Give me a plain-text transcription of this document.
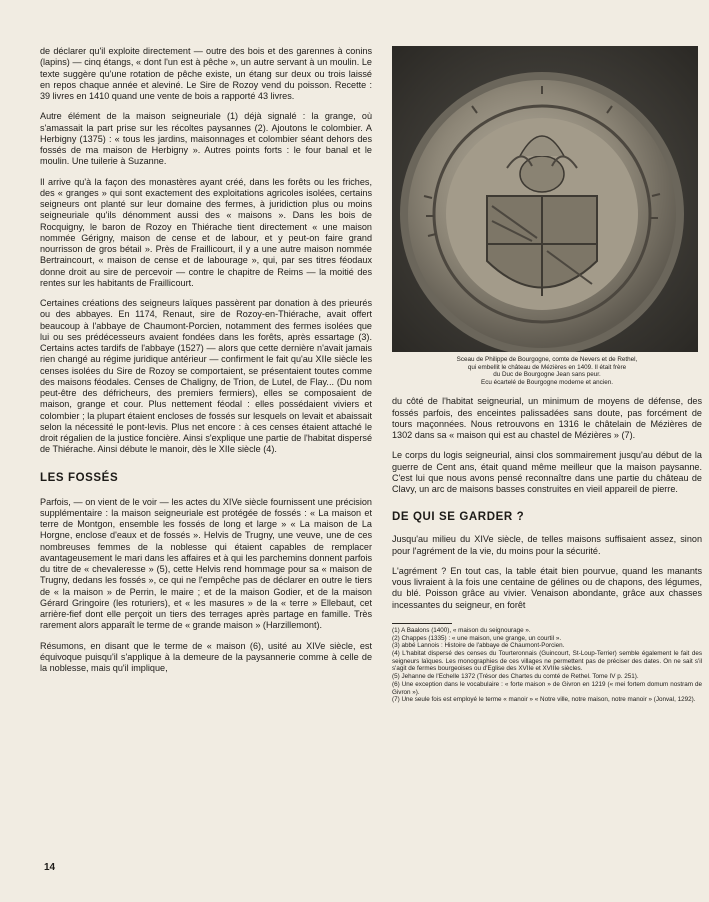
de déclarer qu'il exploite directement — outre des bois et des garennes à conins (lapins) — cinq étangs, « dont l'un est à pêche », un autre servant à un moulin. Le texte suggère qu'une rotation de pêche existe, un étang sur deux ou trois laissé en repos chaque année et aleviné. Le Sire de Rozoy vend du poisson. Recette : 39 livres en 1410 quand une vente de bois a rapporté 43 livres.

Autre élément de la maison seigneuriale (1) déjà signalé : la grange, où s'amassait la part prise sur les récoltes paysannes (2). Ajoutons le colombier. A Herbigny (1375) : « tous les jardins, maisonnages et colombier séant dehors des fossés de ma maison de Herbigny ». Autres points forts : le four banal et le moulin. Une tuilerie à Suzanne.

Il arrive qu'à la façon des monastères ayant créé, dans les forêts ou les friches, des « granges » qui sont exactement des exploitations agricoles isolées, certains seigneurs ont planté sur leur domaine des fermes, à juridiction plus ou moins seigneuriale qu'ils dénomment aussi des « maisons ». Dans les bois de Rocquigny, le baron de Rozoy en Thiérache tient directement « une maison nommée Gérigny, maison de cense et de labour, et y peut-on faire grand nourrisson de gros bétail ». Près de Fraillicourt, il y a une autre maison nommée Bertraincourt, « maison de cense et de labourage », qui, par ses titres féodaux donne droit au sire de percevoir — contre le chapitre de Reims — la moitié des rentes sur les habitants de Fraillicourt.

Certaines créations des seigneurs laïques passèrent par donation à des prieurés ou des abbayes. En 1174, Renaut, sire de Rozoy-en-Thiérache, avait offert beaucoup à l'abbaye de Chaumont-Porcien, notamment des fermes isolées que lui ou ses prédécesseurs avaient fondées dans les forêts, après essartage (3). Certains actes tardifs de l'abbaye (1527) — alors que cette dernière n'avait jamais rien changé au régime juridique antérieur — confirment le fait qu'au XIIe siècle les censes isolées du Sire de Rozoy se comportaient, se présentaient toutes comme des maisons féodales. Censes de Chaligny, de Trion, de Lutel, de Flay... (Du nom peut-être des défricheurs, des premiers fermiers), elles se composaient de maison, grange et cour. Plus nettement féodal : elles possédaient viviers et colombier ; la plupart étaient encloses de fossés sur lesquels on levait et abaissait selon la nécessité le pont-levis. Plus net encore : à ces censes étaient attaché le droit régalien de la justice foncière. Ainsi s'explique une partie de l'habitat dispersé de Thiérache. Ainsi débute le manoir, dès le XIIe siècle (4).

LES FOSSÉS

Parfois, — on vient de le voir — les actes du XIVe siècle fournissent une précision supplémentaire : la maison seigneuriale est protégée de fossés : « La maison et terre de Montgon, ensemble les fossés de long et large » « La maison de La Horgne, enclose d'eaux et de fossés ». Helvis de Trugny, une veuve, une de ces nombreuses femmes de la noblesse qui étaient capables de remplacer avantageusement le mari dans les affaires et à qui les parchemins donnent parfois du titre de « chevaleresse » (5), cette Helvis rend hommage pour sa « maison de Trugny, dedans les fossés », ce qui ne l'empêche pas de déclarer en outre le tiers de « la maison » de Perrin, le maire ; et de la maison Godier, et de la maison Gérard Gringoire (les roturiers), et « les masures » de la « terre » Ellebaut, cet arrière-fief dont elle perçoit un tiers des terrages après partage en famille. Très rarement alors apparaît le terme de « grande maison » (Harzillemont).

Résumons, en disant que le terme de « maison (6), usité au XIVe siècle, est équivoque puisqu'il s'applique à la demeure de la paysannerie comme à celle de la noblesse, mais qu'il implique,

Sceau de Philippe de Bourgogne, comte de Nevers et de Rethel,
qui embellit le château de Mézières en 1409. Il était frère
du Duc de Bourgogne Jean sans peur.
Ecu écartelé de Bourgogne moderne et ancien.

du côté de l'habitat seigneurial, un minimum de moyens de défense, des fossés parfois, des enceintes palissadées sans doute, pas forcément de tours maçonnées. Nous retrouvons en 1316 le châtelain de Mézières de 1302 dans sa « maison qui est au chastel de Mézières » (7).

Le corps du logis seigneurial, ainsi clos sommairement jusqu'au début de la guerre de Cent ans, était quand même meilleur que la maison paysanne. C'est lui que nous avons pensé reconnaître dans une partie du château de Clavy, un arc de maisons basses construites en vieil appareil de pierre.

DE QUI SE GARDER ?

Jusqu'au milieu du XIVe siècle, de telles maisons suffisaient assez, sinon pour l'agrément de la vie, du moins pour la sécurité.

L'agrément ? En tout cas, la table était bien pourvue, quand les manants vous livraient à la fois une centaine de gélines ou de chapons, des légumes, du blé. Poisson grâce au vivier. Venaison abondante, grâce aux chasses incessantes du seigneur, en forêt

(1) A Baalons (1400), « maison du seignourage ».

(2) Chappes (1335) : « une maison, une grange, un courtil ».

(3) abbé Lannois : Histoire de l'abbaye de Chaumont-Porcien.

(4) L'habitat dispersé des censes du Tourteronnais (Guincourt, St-Loup-Terrier) semble également le fait des seigneurs laïques. Les monographies de ces villages ne permettent pas de préciser des dates. On ne sait s'il s'agit de fermes bourgeoises ou d'Eglise des XVIIe et XVIIIe siècles.

(5) Jehanne de l'Echelle 1372 (Trésor des Chartes du comté de Rethel. Tome IV p. 251).

(6) Une exception dans le vocabulaire : « forte maison » de Givron en 1219 (« mei fortem domum nostram de Givron »).

(7) Une seule fois est employé le terme « manoir » « Notre ville, notre maison, notre manoir » (Jonval, 1292).

14
